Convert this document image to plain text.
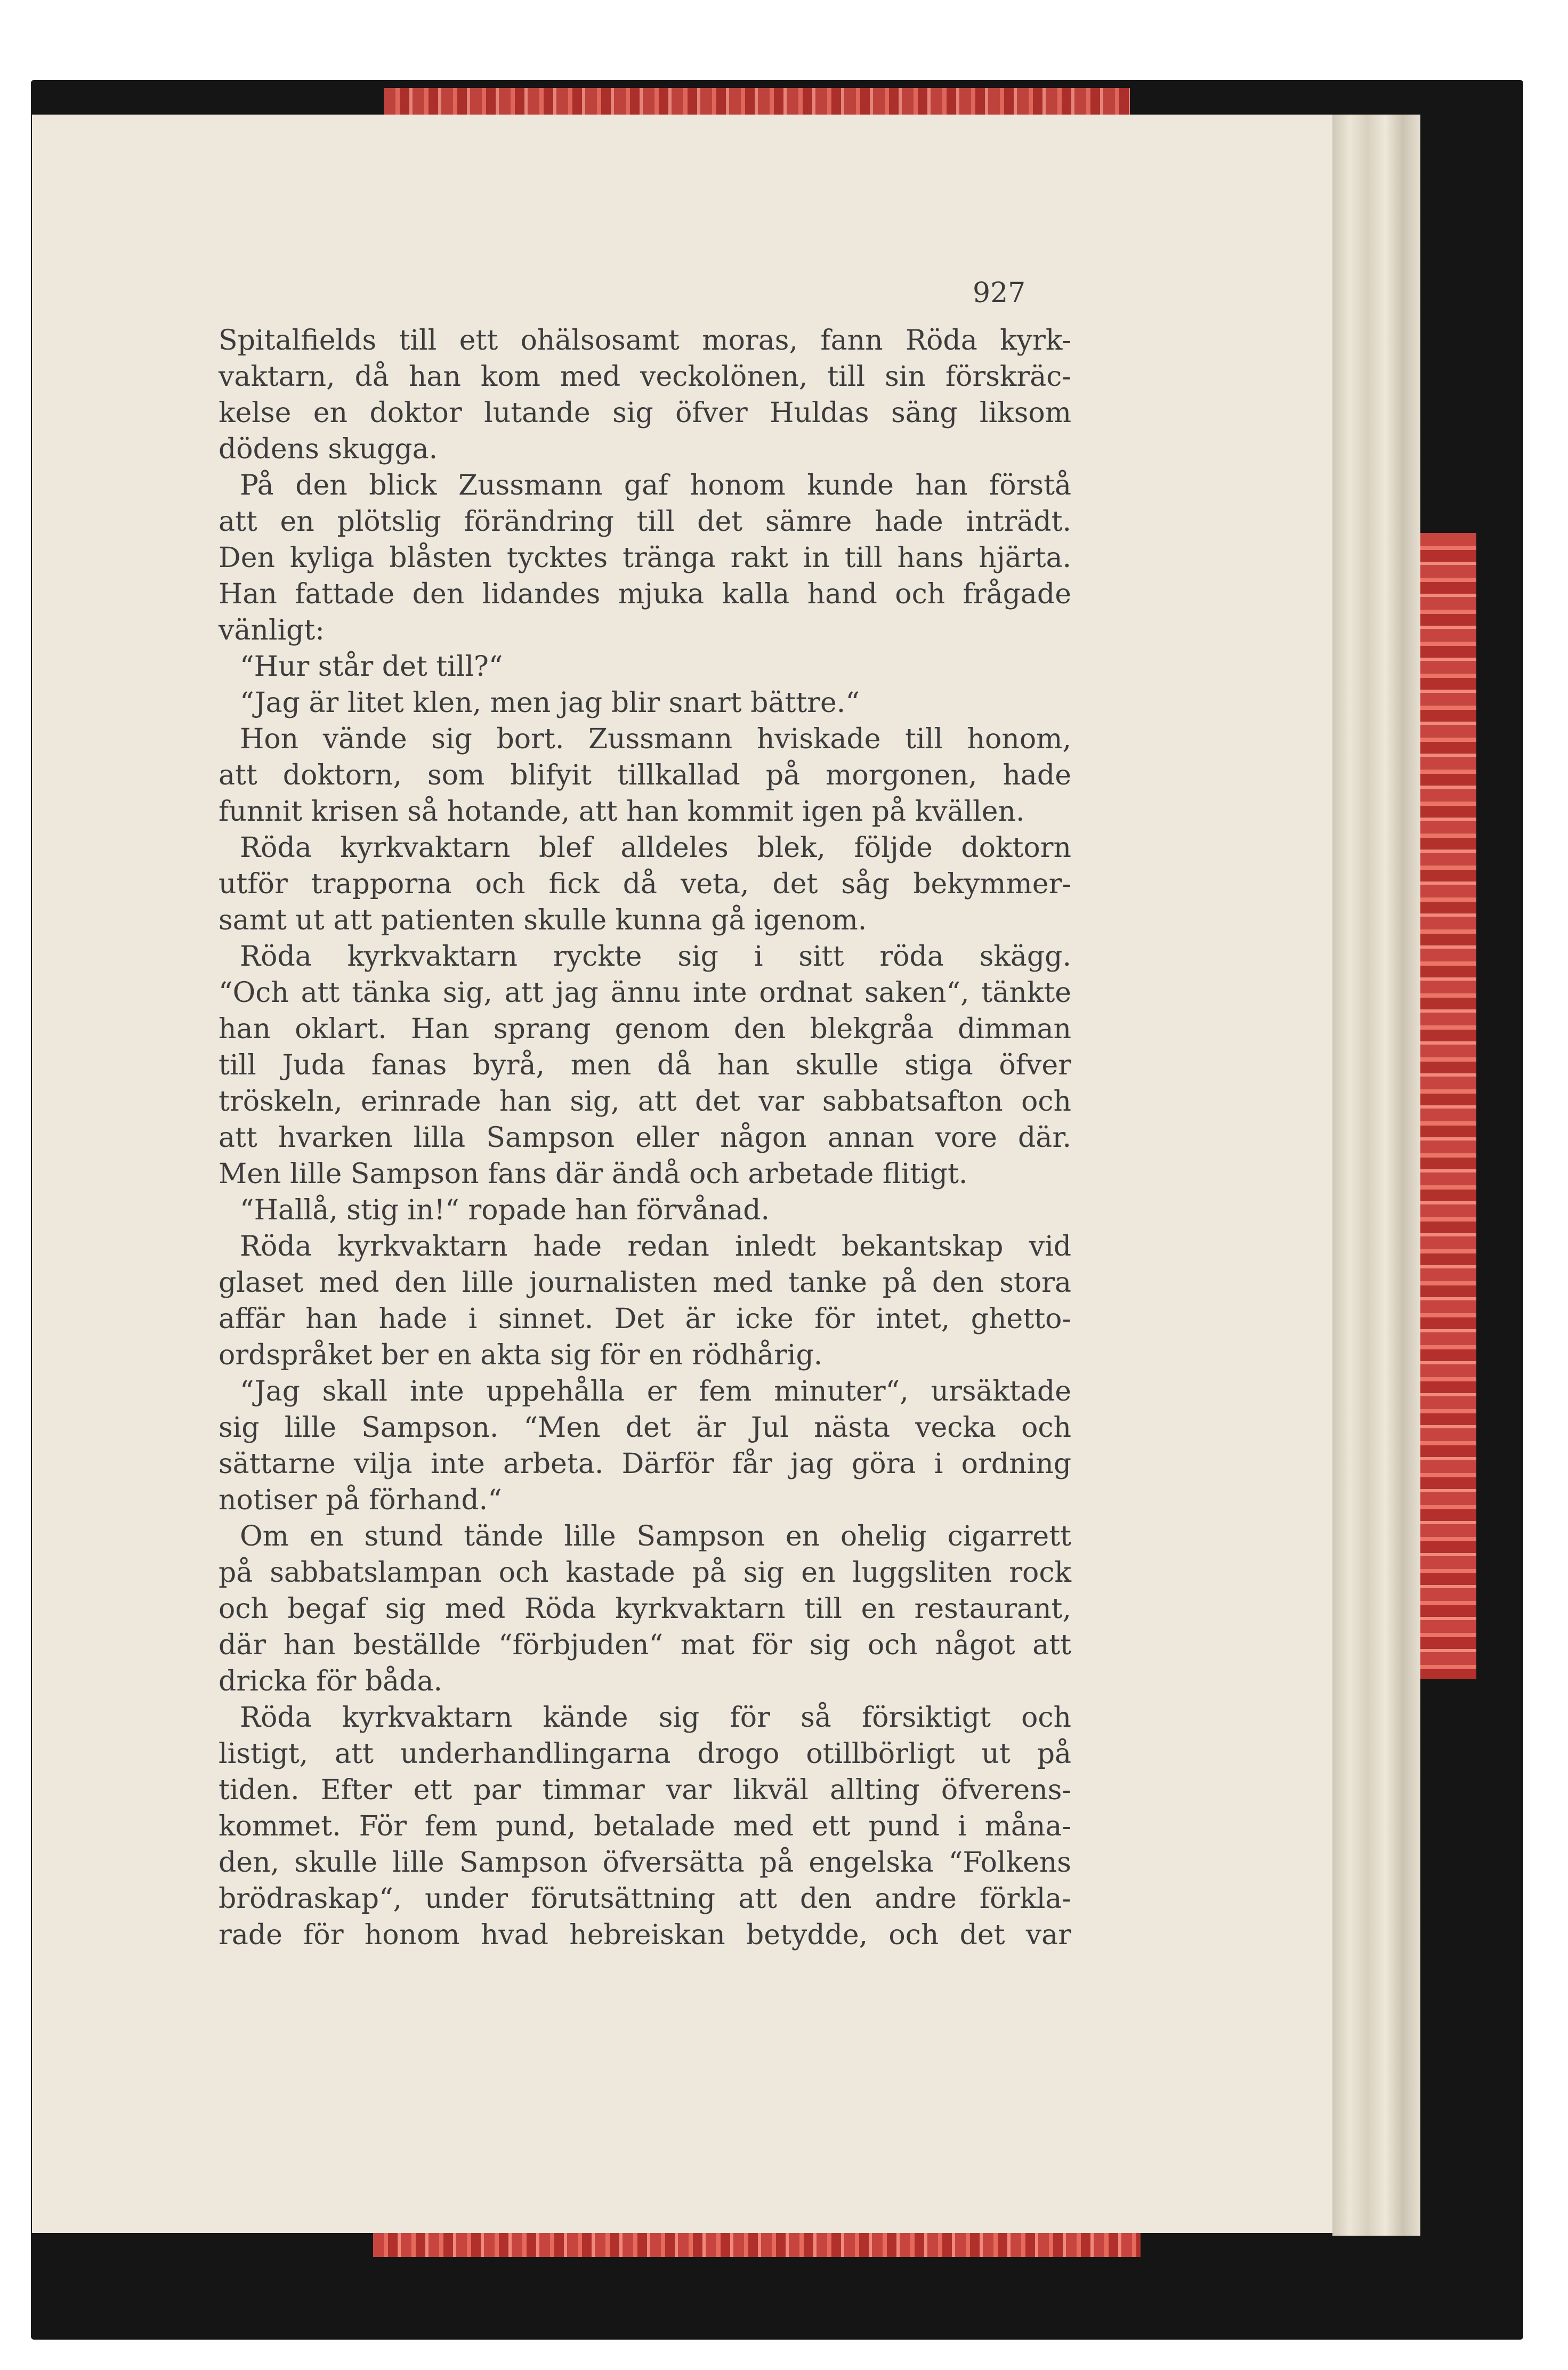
927

Spitalfields till ett ohälsosamt moras, fann Röda kyrk-
vaktarn, då han kom med veckolönen, till sin förskräc-
kelse en doktor lutande sig öfver Huldas säng liksom
dödens skugga.
På den blick Zussmann gaf honom kunde han förstå
att en plötslig förändring till det sämre hade inträdt.
Den kyliga blåsten tycktes tränga rakt in till hans hjärta.
Han fattade den lidandes mjuka kalla hand och frågade
vänligt:
“Hur står det till?“
“Jag är litet klen, men jag blir snart bättre.“
Hon vände sig bort. Zussmann hviskade till honom,
att doktorn, som blifyit tillkallad på morgonen, hade
funnit krisen så hotande, att han kommit igen på kvällen.
Röda kyrkvaktarn blef alldeles blek, följde doktorn
utför trapporna och fick då veta, det såg bekymmer-
samt ut att patienten skulle kunna gå igenom.
Röda kyrkvaktarn ryckte sig i sitt röda skägg.
“Och att tänka sig, att jag ännu inte ordnat saken“, tänkte
han oklart. Han sprang genom den blekgråa dimman
till Juda fanas byrå, men då han skulle stiga öfver
tröskeln, erinrade han sig, att det var sabbatsafton och
att hvarken lilla Sampson eller någon annan vore där.
Men lille Sampson fans där ändå och arbetade flitigt.
“Hallå, stig in!“ ropade han förvånad.
Röda kyrkvaktarn hade redan inledt bekantskap vid
glaset med den lille journalisten med tanke på den stora
affär han hade i sinnet. Det är icke för intet, ghetto-
ordspråket ber en akta sig för en rödhårig.
“Jag skall inte uppehålla er fem minuter“, ursäktade
sig lille Sampson. “Men det är Jul nästa vecka och
sättarne vilja inte arbeta. Därför får jag göra i ordning
notiser på förhand.“
Om en stund tände lille Sampson en ohelig cigarrett
på sabbatslampan och kastade på sig en luggsliten rock
och begaf sig med Röda kyrkvaktarn till en restaurant,
där han beställde “förbjuden“ mat för sig och något att
dricka för båda.
Röda kyrkvaktarn kände sig för så försiktigt och
listigt, att underhandlingarna drogo otillbörligt ut på
tiden. Efter ett par timmar var likväl allting öfverens-
kommet. För fem pund, betalade med ett pund i måna-
den, skulle lille Sampson öfversätta på engelska “Folkens
brödraskap“, under förutsättning att den andre förkla-
rade för honom hvad hebreiskan betydde, och det var
